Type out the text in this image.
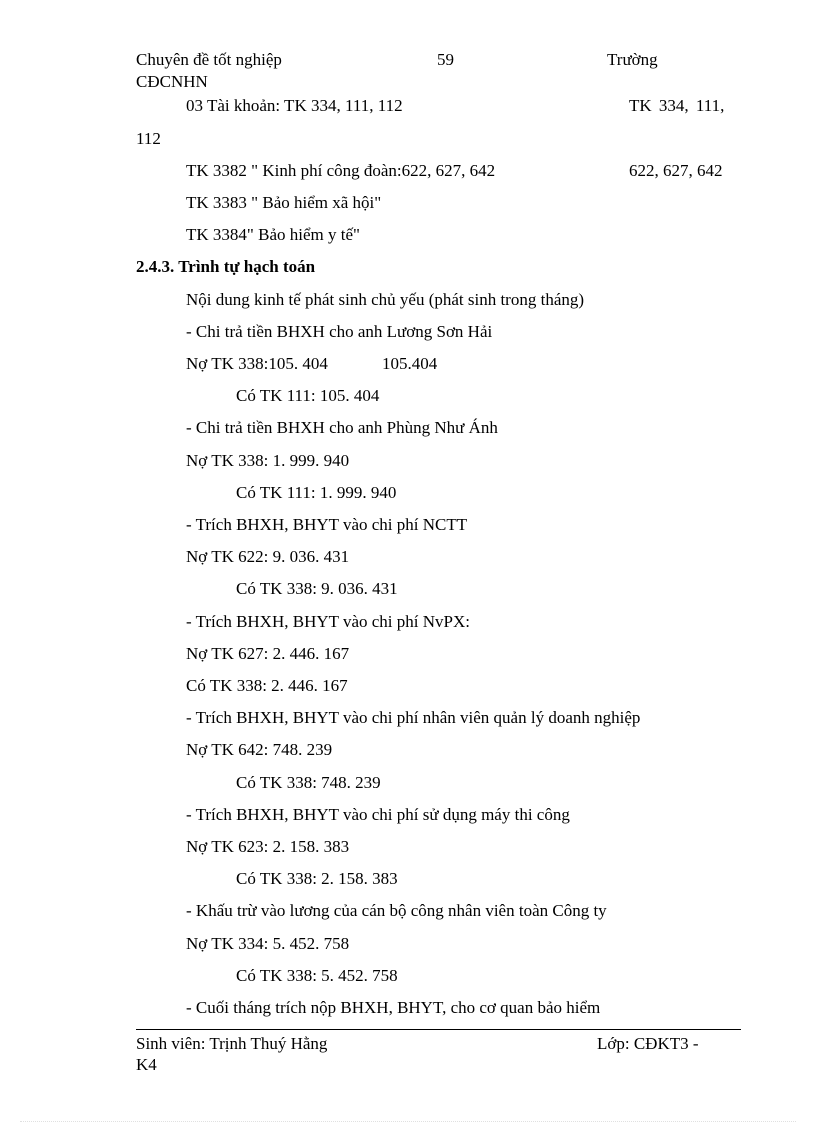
Chuyên đề tốt nghiệp	59	Trường
CĐCNHN
03 Tài khoản: TK 334, 111, 112	TK 334, 111,
112
TK 3382 " Kinh phí công đoàn:622, 627, 642	622, 627, 642
TK 3383 " Bảo hiểm xã hội"
TK 3384" Bảo hiểm y tế"
2.4.3. Trình tự hạch toán
Nội dung kinh tế phát sinh chủ yếu (phát sinh trong tháng)
- Chi trả tiền BHXH cho anh Lương Sơn Hải
Nợ TK 338:105. 404	105.404
Có TK 111: 105. 404
- Chi trả tiền BHXH cho anh Phùng Như Ánh
Nợ TK 338: 1. 999. 940
Có TK 111: 1. 999. 940
- Trích BHXH, BHYT vào chi phí NCTT
Nợ TK 622: 9. 036. 431
Có TK 338: 9. 036. 431
- Trích BHXH, BHYT vào chi phí NvPX:
Nợ TK 627: 2. 446. 167
Có TK 338: 2. 446. 167
- Trích BHXH, BHYT vào chi phí nhân viên quản lý doanh nghiệp
Nợ TK 642: 748. 239
Có TK 338: 748. 239
- Trích BHXH, BHYT vào chi phí sử dụng máy thi công
Nợ TK 623: 2. 158. 383
Có TK 338: 2. 158. 383
- Khấu trừ vào lương của cán bộ công nhân viên toàn Công ty
Nợ TK 334: 5. 452. 758
Có TK 338: 5. 452. 758
- Cuối tháng trích nộp BHXH, BHYT, cho cơ quan bảo hiểm
Sinh viên: Trịnh Thuý Hằng	Lớp: CĐKT3 -
K4
